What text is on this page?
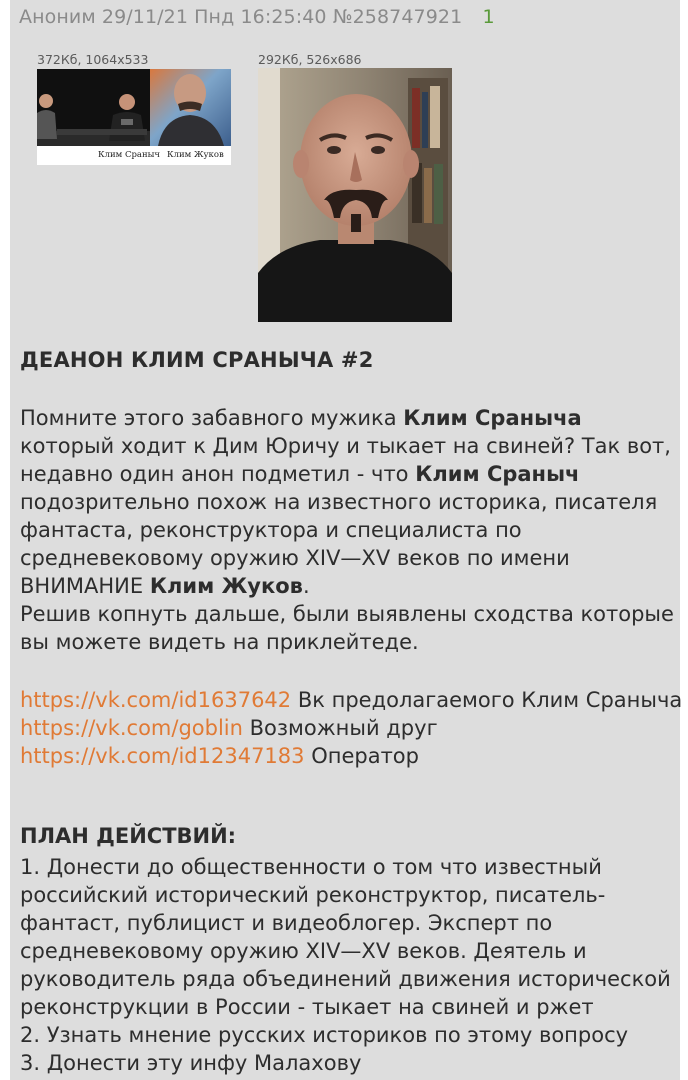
Аноним 29/11/21 Пнд 16:25:40 №258747921 1
372Кб, 1064x533
Клим Сраныч Клим Жуков
292Кб, 526x686
ДЕАНОН КЛИМ СРАНЫЧА #2

Помните этого забавного мужика Клим Сраныча который ходит к Дим Юричу и тыкает на свиней? Так вот, недавно один анон подметил - что Клим Сраныч подозрительно похож на известного историка, писателя фантаста, реконструктора и специалиста по средневековому оружию XIV—XV веков по имени ВНИМАНИЕ Клим Жуков.

Решив копнуть дальше, были выявлены сходства которые вы можете видеть на приклейтеде.

https://vk.com/id1637642 Вк предолагаемого Клим Сраныча
https://vk.com/goblin Возможный друг
https://vk.com/id12347183 Оператор
ПЛАН ДЕЙСТВИЙ:

1. Донести до общественности о том что известный российский исторический реконструктор, писатель-фантаст, публицист и видеоблогер. Эксперт по средневековому оружию XIV—XV веков. Деятель и руководитель ряда объединений движения исторической реконструкции в России - тыкает на свиней и ржет

2. Узнать мнение русских историков по этому вопросу

3. Донести эту инфу Малахову
